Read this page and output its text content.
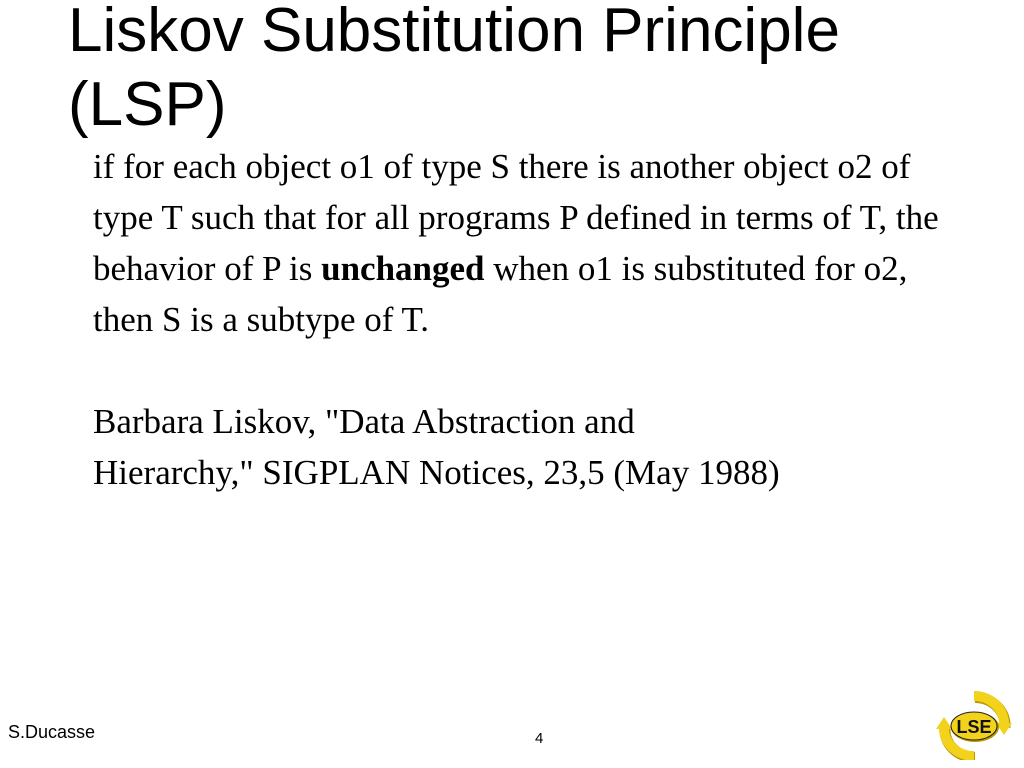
Liskov Substitution Principle
(LSP)

if for each object o1 of type S there is another object o2 of type T such that for all programs P defined in terms of T, the behavior of P is unchanged when o1 is substituted for o2, then S is a subtype of T.

Barbara Liskov, "Data Abstraction and
Hierarchy," SIGPLAN Notices, 23,5 (May 1988)

S.Ducasse	4
LSE
